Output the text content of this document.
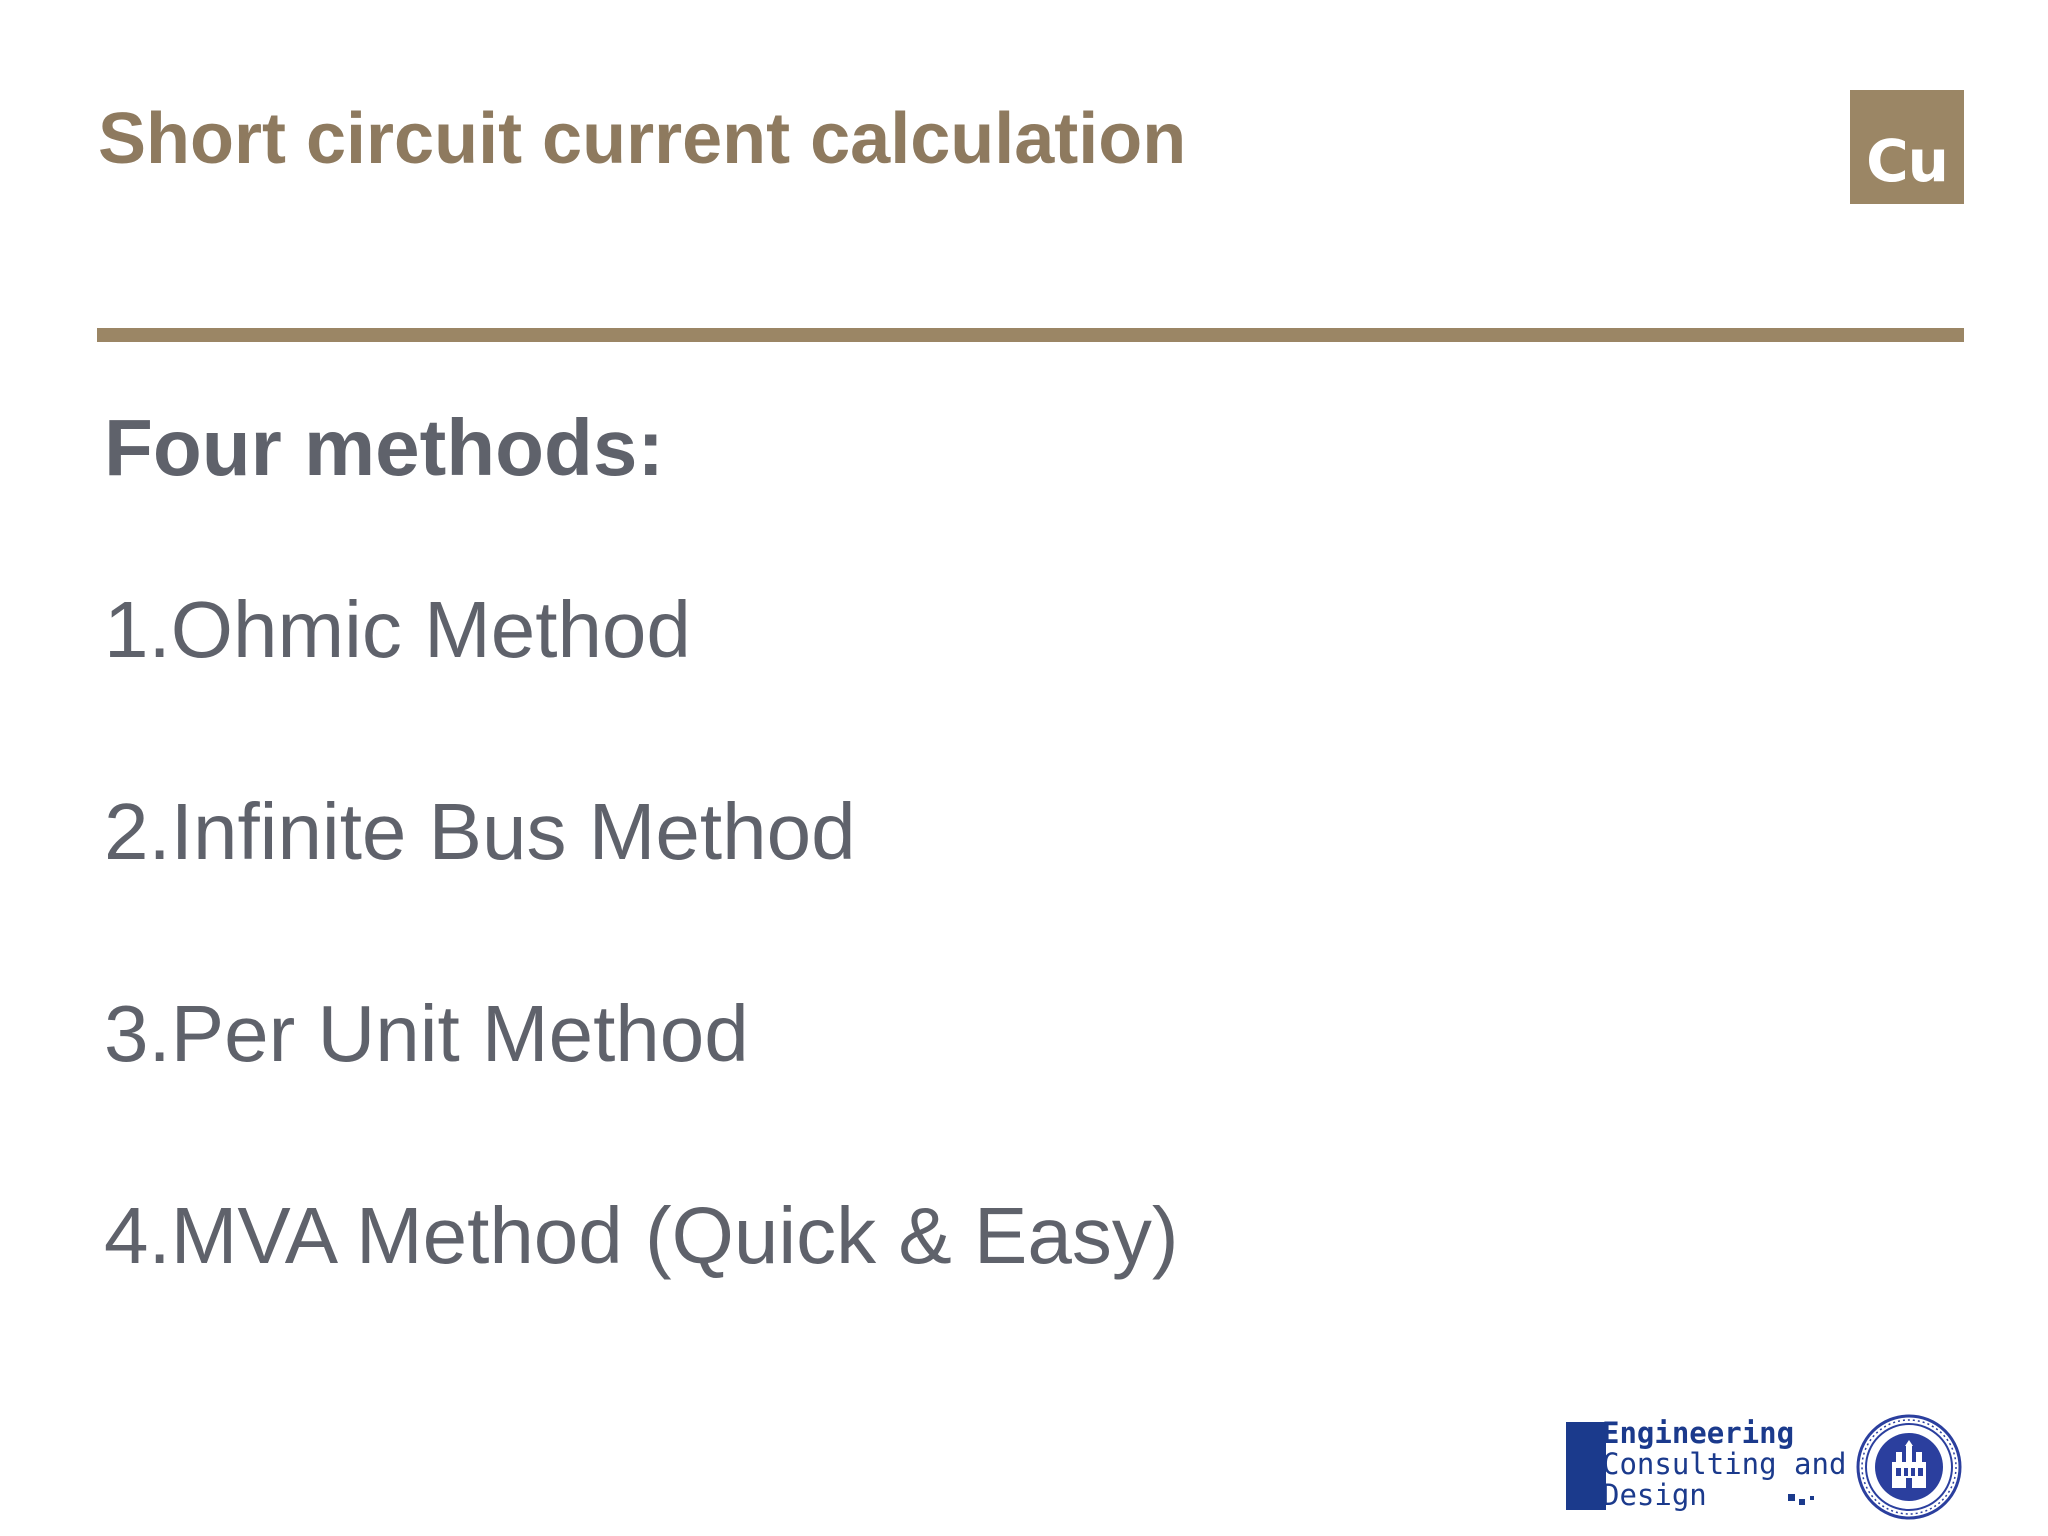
Short circuit current calculation	Cu
Four methods:

1.Ohmic Method

2.Infinite Bus Method

3.Per Unit Method

4.MVA Method (Quick & Easy)

Engineering
Consulting and
Design
